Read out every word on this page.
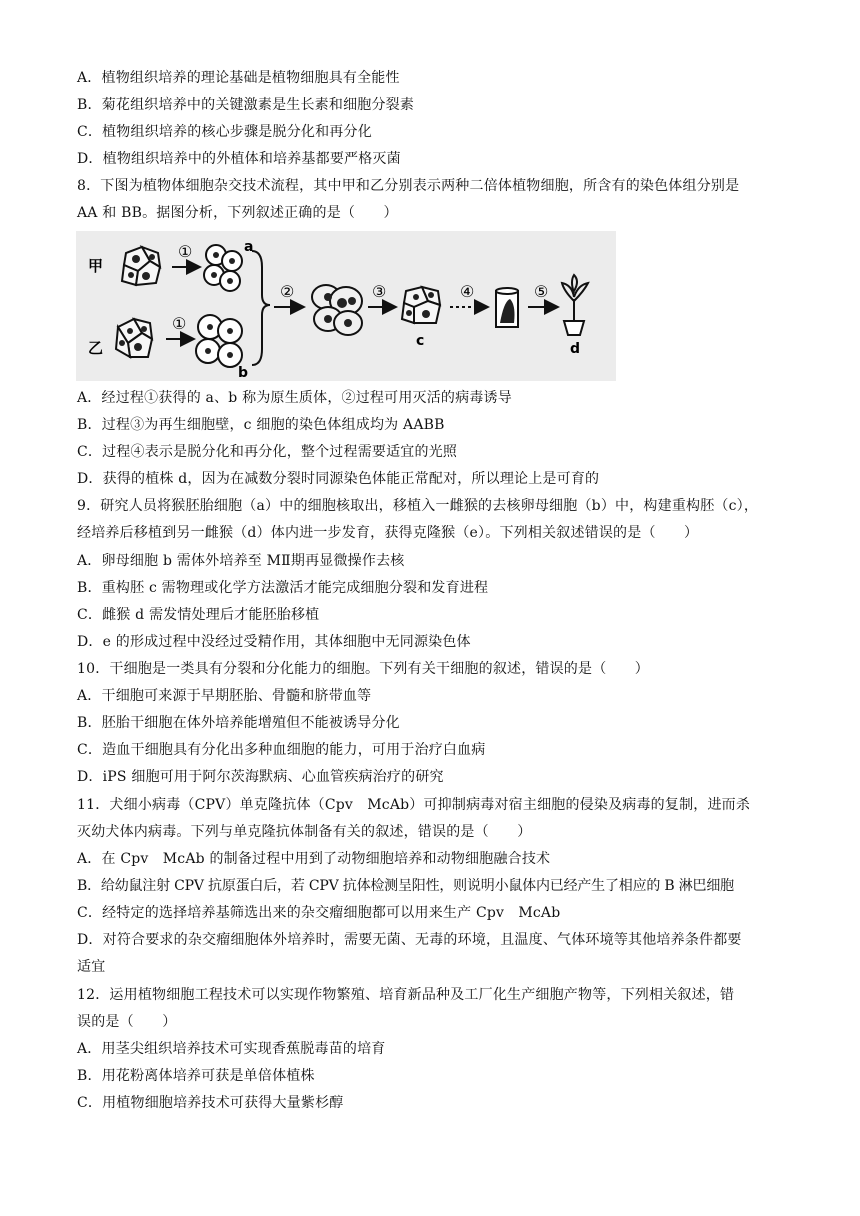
A．植物组织培养的理论基础是植物细胞具有全能性
B．菊花组织培养中的关键激素是生长素和细胞分裂素
C．植物组织培养的核心步骤是脱分化和再分化
D．植物组织培养中的外植体和培养基都要严格灭菌
8．下图为植物体细胞杂交技术流程，其中甲和乙分别表示两种二倍体植物细胞，所含有的染色体组分别是
AA 和 BB。据图分析，下列叙述正确的是（　　）
甲
①	a
乙
①
b
②	③
c
④	⑤
d
A．经过程①获得的 a、b 称为原生质体，②过程可用灭活的病毒诱导
B．过程③为再生细胞壁，c 细胞的染色体组成均为 AABB
C．过程④表示是脱分化和再分化，整个过程需要适宜的光照
D．获得的植株 d，因为在减数分裂时同源染色体能正常配对，所以理论上是可育的
9．研究人员将猴胚胎细胞（a）中的细胞核取出，移植入一雌猴的去核卵母细胞（b）中，构建重构胚（c），
经培养后移植到另一雌猴（d）体内进一步发育，获得克隆猴（e）。下列相关叙述错误的是（　　）
A．卵母细胞 b 需体外培养至 MⅡ期再显微操作去核
B．重构胚 c 需物理或化学方法激活才能完成细胞分裂和发育进程
C．雌猴 d 需发情处理后才能胚胎移植
D．e 的形成过程中没经过受精作用，其体细胞中无同源染色体
10．干细胞是一类具有分裂和分化能力的细胞。下列有关干细胞的叙述，错误的是（　　）
A．干细胞可来源于早期胚胎、骨髓和脐带血等
B．胚胎干细胞在体外培养能增殖但不能被诱导分化
C．造血干细胞具有分化出多种血细胞的能力，可用于治疗白血病
D．iPS 细胞可用于阿尔茨海默病、心血管疾病治疗的研究
11．犬细小病毒（CPV）单克隆抗体（Cpv　McAb）可抑制病毒对宿主细胞的侵染及病毒的复制，进而杀
灭幼犬体内病毒。下列与单克隆抗体制备有关的叙述，错误的是（　　）
A．在 Cpv　McAb 的制备过程中用到了动物细胞培养和动物细胞融合技术
B．给幼鼠注射 CPV 抗原蛋白后，若 CPV 抗体检测呈阳性，则说明小鼠体内已经产生了相应的 B 淋巴细胞
C．经特定的选择培养基筛选出来的杂交瘤细胞都可以用来生产 Cpv　McAb
D．对符合要求的杂交瘤细胞体外培养时，需要无菌、无毒的环境，且温度、气体环境等其他培养条件都要
适宜
12．运用植物细胞工程技术可以实现作物繁殖、培育新品种及工厂化生产细胞产物等，下列相关叙述，错
误的是（　　）
A．用茎尖组织培养技术可实现香蕉脱毒苗的培育
B．用花粉离体培养可获是单倍体植株
C．用植物细胞培养技术可获得大量紫杉醇
